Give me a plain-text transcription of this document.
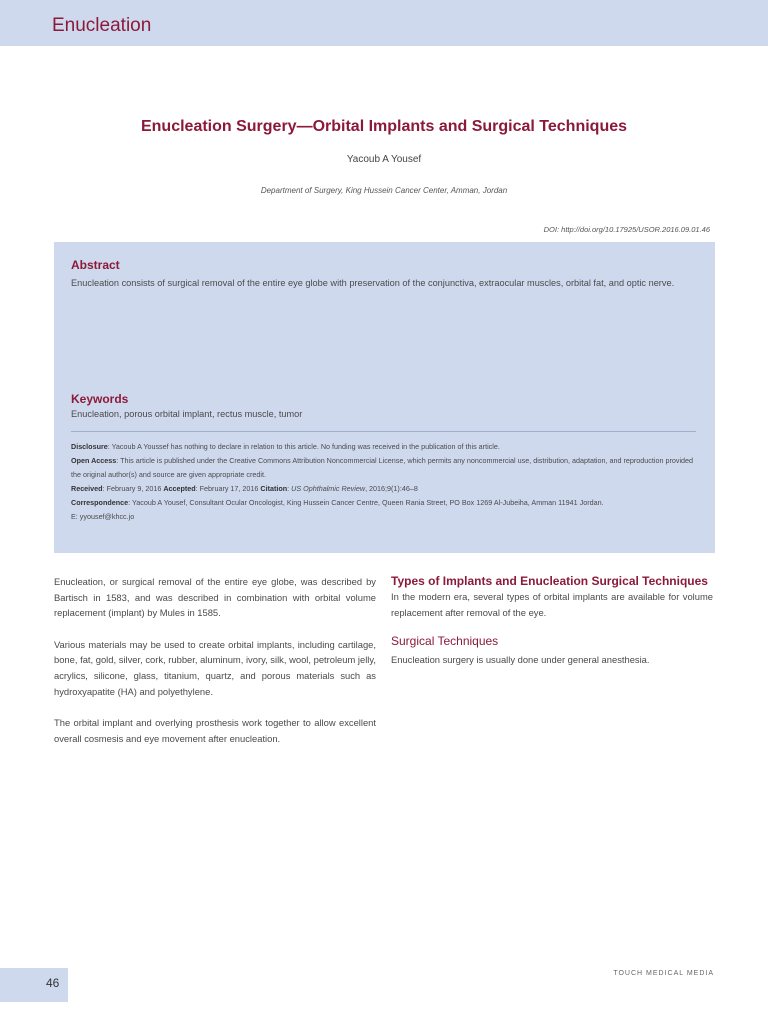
Enucleation
Enucleation Surgery—Orbital Implants and Surgical Techniques
Yacoub A Yousef
Department of Surgery, King Hussein Cancer Center, Amman, Jordan
DOI: http://doi.org/10.17925/USOR.2016.09.01.46
Abstract
Enucleation consists of surgical removal of the entire eye globe with preservation of the conjunctiva, extraocular muscles, orbital fat, and optic nerve.
Keywords
Enucleation, porous orbital implant, rectus muscle, tumor

Disclosure: Yacoub A Youssef has nothing to declare in relation to this article. No funding was received in the publication of this article.

Open Access: This article is published under the Creative Commons Attribution Noncommercial License, which permits any noncommercial use, distribution, adaptation, and reproduction provided the original author(s) and source are given appropriate credit.

Received: February 9, 2016 Accepted: February 17, 2016 Citation: US Ophthalmic Review, 2016;9(1):46–8

Correspondence: Yacoub A Yousef, Consultant Ocular Oncologist, King Hussein Cancer Centre, Queen Rania Street, PO Box 1269 Al-Jubeiha, Amman 11941 Jordan.

E: yyousef@khcc.jo

Enucleation, or surgical removal of the entire eye globe, was described by Bartisch in 1583, and was described in combination with orbital volume replacement (implant) by Mules in 1585.

Various materials may be used to create orbital implants, including cartilage, bone, fat, gold, silver, cork, rubber, aluminum, ivory, silk, wool, petroleum jelly, acrylics, silicone, glass, titanium, quartz, and porous materials such as hydroxyapatite (HA) and polyethylene.

The orbital implant and overlying prosthesis work together to allow excellent overall cosmesis and eye movement after enucleation.

Types of Implants and Enucleation Surgical Techniques

In the modern era, several types of orbital implants are available for volume replacement after removal of the eye.

Surgical Techniques

Enucleation surgery is usually done under general anesthesia.

46
TOUCH MEDICAL MEDIA
